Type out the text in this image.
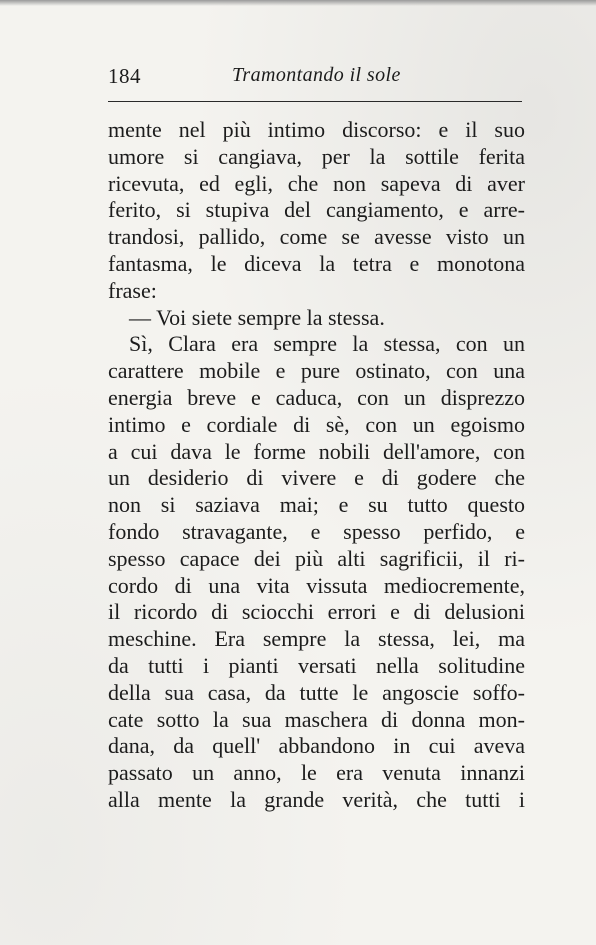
184	Tramontando il sole
mente nel più intimo discorso: e il suo
umore si cangiava, per la sottile ferita
ricevuta, ed egli, che non sapeva di aver
ferito, si stupiva del cangiamento, e arre-
trandosi, pallido, come se avesse visto un
fantasma, le diceva la tetra e monotona
frase:
— Voi siete sempre la stessa.
Sì, Clara era sempre la stessa, con un
carattere mobile e pure ostinato, con una
energia breve e caduca, con un disprezzo
intimo e cordiale di sè, con un egoismo
a cui dava le forme nobili dell'amore, con
un desiderio di vivere e di godere che
non si saziava mai; e su tutto questo
fondo stravagante, e spesso perfido, e
spesso capace dei più alti sagrificii, il ri-
cordo di una vita vissuta mediocremente,
il ricordo di sciocchi errori e di delusioni
meschine. Era sempre la stessa, lei, ma
da tutti i pianti versati nella solitudine
della sua casa, da tutte le angoscie soffo-
cate sotto la sua maschera di donna mon-
dana, da quell' abbandono in cui aveva
passato un anno, le era venuta innanzi
alla mente la grande verità, che tutti i
